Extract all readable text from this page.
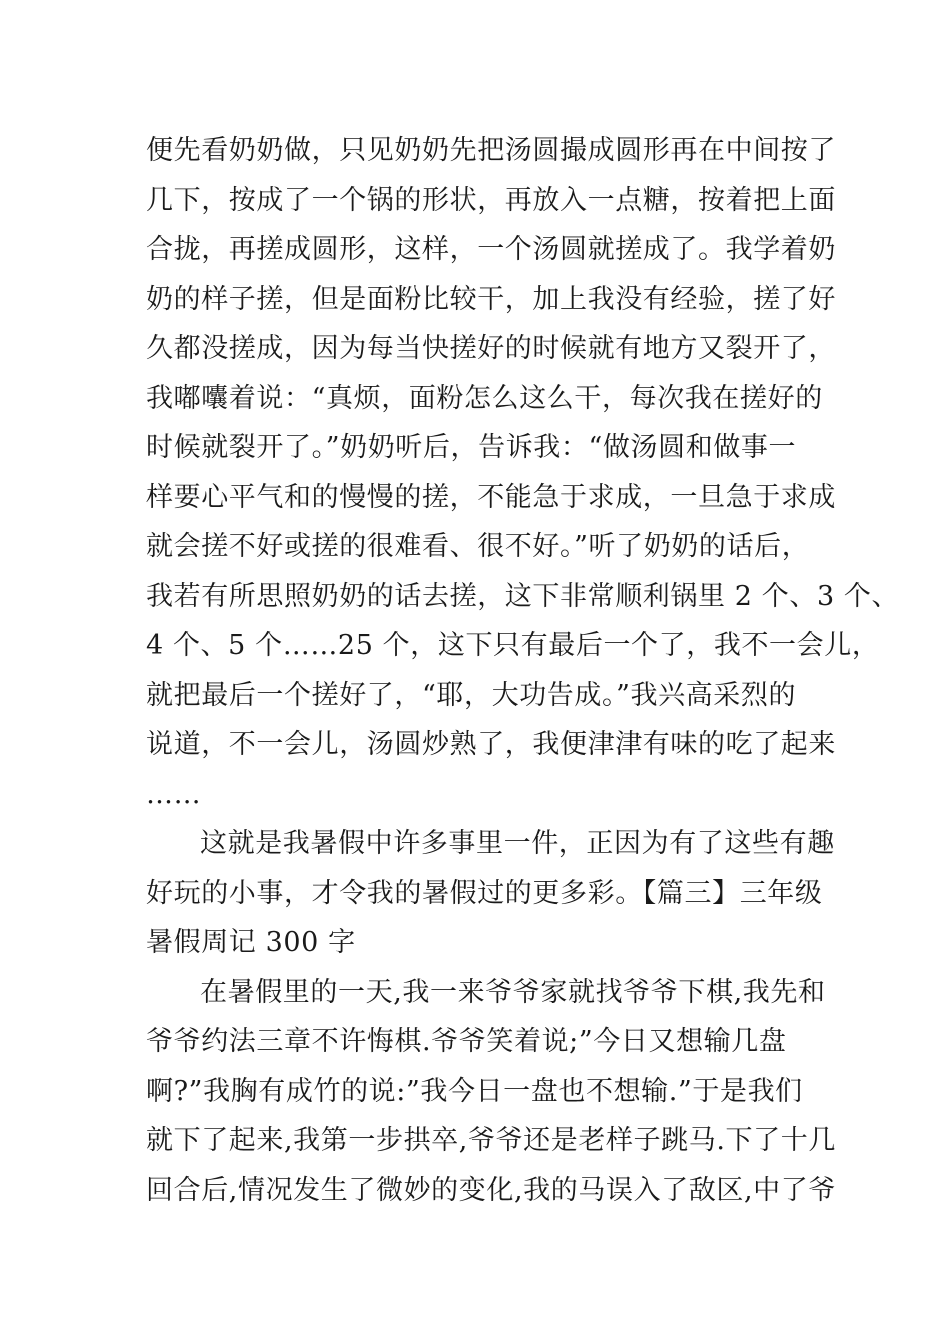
便先看奶奶做，只见奶奶先把汤圆撮成圆形再在中间按了
几下，按成了一个锅的形状，再放入一点糖，按着把上面
合拢，再搓成圆形，这样，一个汤圆就搓成了。我学着奶
奶的样子搓，但是面粉比较干，加上我没有经验，搓了好
久都没搓成，因为每当快搓好的时候就有地方又裂开了，
我嘟囔着说：“真烦，面粉怎么这么干，每次我在搓好的
时候就裂开了。”奶奶听后，告诉我：“做汤圆和做事一
样要心平气和的慢慢的搓，不能急于求成，一旦急于求成
就会搓不好或搓的很难看、很不好。”听了奶奶的话后，
我若有所思照奶奶的话去搓，这下非常顺利锅里 2 个、3 个、
4 个、5 个……25 个，这下只有最后一个了，我不一会儿，
就把最后一个搓好了，“耶，大功告成。”我兴高采烈的
说道，不一会儿，汤圆炒熟了，我便津津有味的吃了起来
……
这就是我暑假中许多事里一件，正因为有了这些有趣
好玩的小事，才令我的暑假过的更多彩。【篇三】三年级
暑假周记 300 字
在暑假里的一天,我一来爷爷家就找爷爷下棋,我先和
爷爷约法三章不许悔棋.爷爷笑着说;”今日又想输几盘
啊?”我胸有成竹的说:”我今日一盘也不想输.”于是我们
就下了起来,我第一步拱卒,爷爷还是老样子跳马.下了十几
回合后,情况发生了微妙的变化,我的马误入了敌区,中了爷
